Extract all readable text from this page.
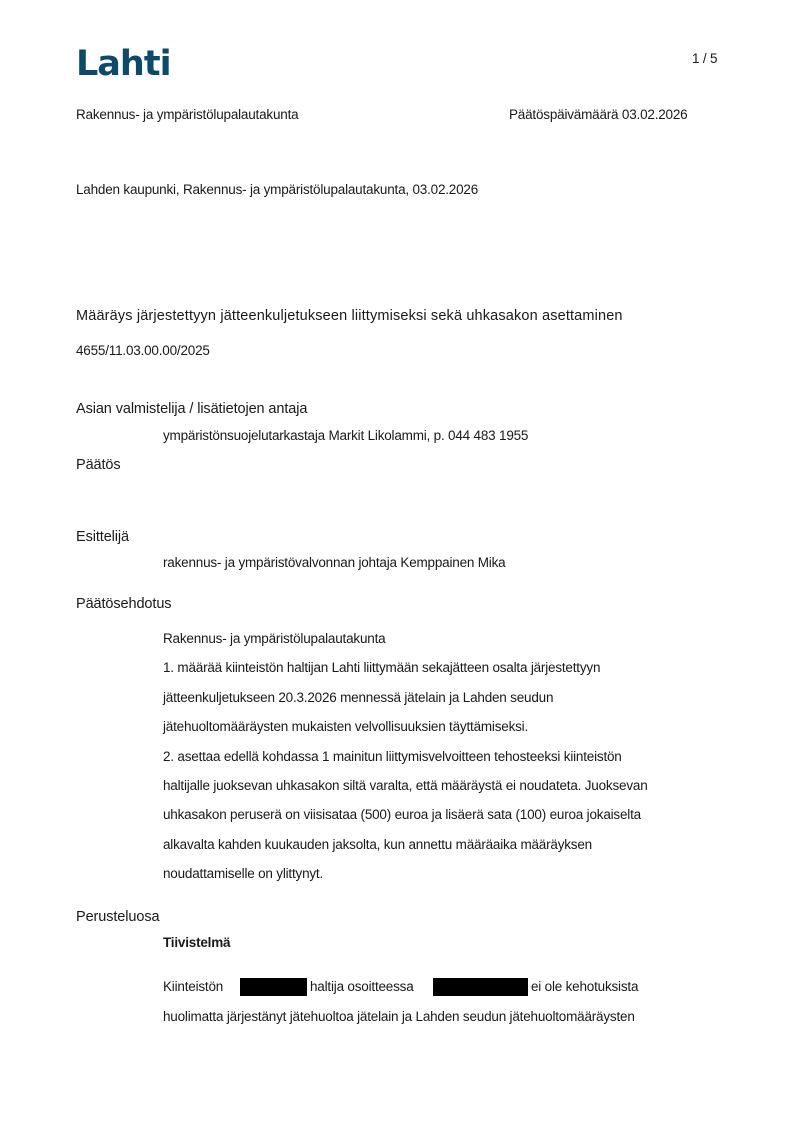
Lahti	1 / 5
Rakennus- ja ympäristölupalautakunta	Päätöspäivämäärä 03.02.2026
Lahden kaupunki, Rakennus- ja ympäristölupalautakunta, 03.02.2026
Määräys järjestettyyn jätteenkuljetukseen liittymiseksi sekä uhkasakon asettaminen
4655/11.03.00.00/2025
Asian valmistelija / lisätietojen antaja
ympäristönsuojelutarkastaja Markit Likolammi, p. 044 483 1955
Päätös
Esittelijä
rakennus- ja ympäristövalvonnan johtaja Kemppainen Mika
Päätösehdotus
Rakennus- ja ympäristölupalautakunta
1. määrää kiinteistön haltijan Lahti liittymään sekajätteen osalta järjestettyyn
jätteenkuljetukseen 20.3.2026 mennessä jätelain ja Lahden seudun
jätehuoltomääräysten mukaisten velvollisuuksien täyttämiseksi.
2. asettaa edellä kohdassa 1 mainitun liittymisvelvoitteen tehosteeksi kiinteistön
haltijalle juoksevan uhkasakon siltä varalta, että määräystä ei noudateta. Juoksevan
uhkasakon peruserä on viisisataa (500) euroa ja lisäerä sata (100) euroa jokaiselta
alkavalta kahden kuukauden jaksolta, kun annettu määräaika määräyksen
noudattamiselle on ylittynyt.
Perusteluosa
Tiivistelmä
Kiinteistön	haltija osoitteessa	ei ole kehotuksista
huolimatta järjestänyt jätehuoltoa jätelain ja Lahden seudun jätehuoltomääräysten
